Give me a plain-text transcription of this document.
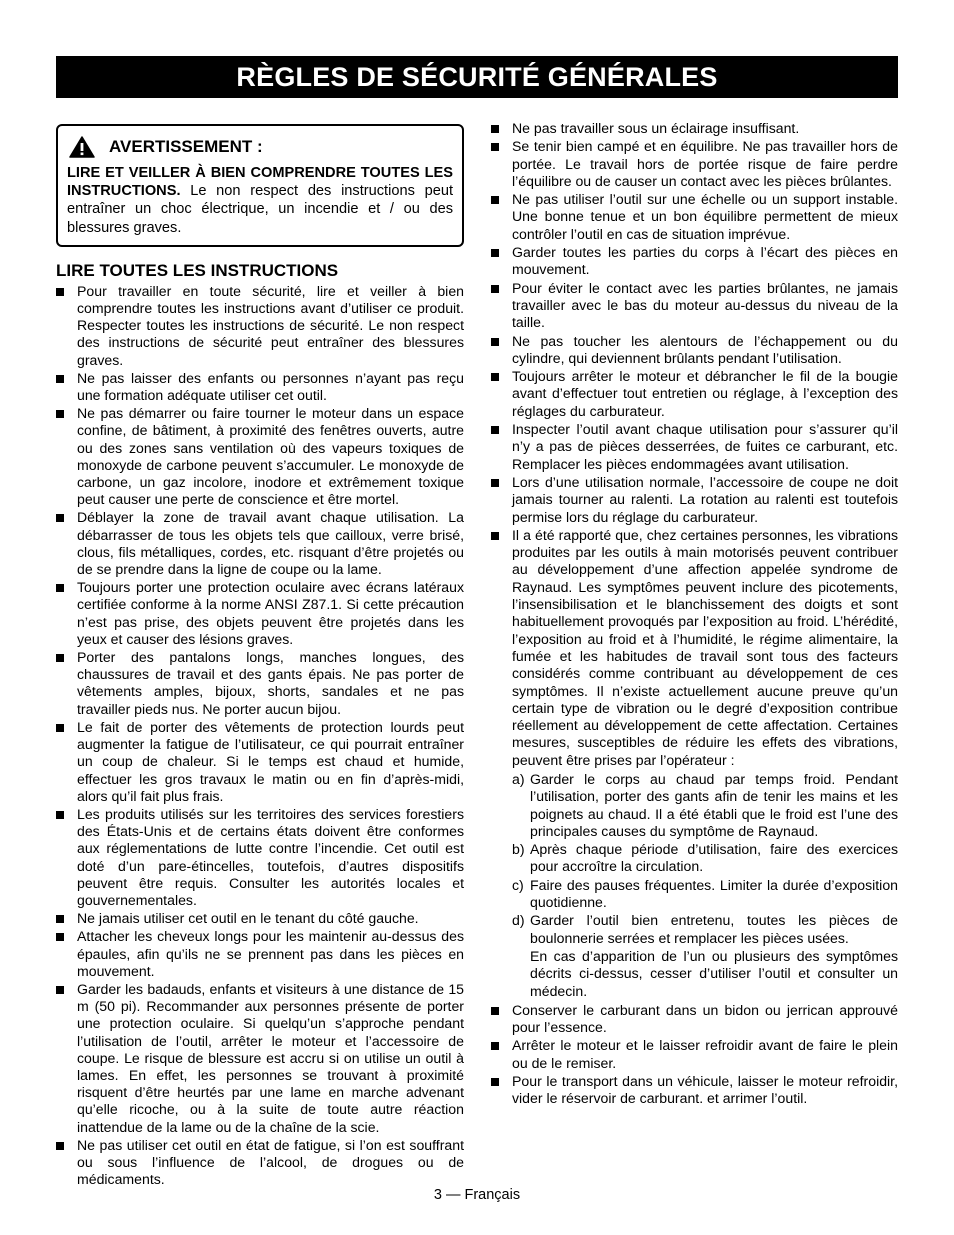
RÈGLES DE SÉCURITÉ GÉNÉRALES
AVERTISSEMENT :
LIRE ET VEILLER À BIEN COMPRENDRE TOUTES LES INSTRUCTIONS. Le non respect des instructions peut entraîner un choc électrique, un incendie et / ou des blessures graves.
LIRE TOUTES LES INSTRUCTIONS
Pour travailler en toute sécurité, lire et veiller à bien comprendre toutes les instructions avant d’utiliser ce produit. Respecter toutes les instructions de sécurité. Le non respect des instructions de sécurité peut entraîner des blessures graves.
Ne pas laisser des enfants ou personnes n’ayant pas reçu une formation adéquate utiliser cet outil.
Ne pas démarrer ou faire tourner le moteur dans un espace confine, de bâtiment, à proximité des fenêtres ouverts, autre ou des zones sans ventilation où des vapeurs toxiques de monoxyde de carbone peuvent s’accumuler. Le monoxyde de carbone, un gaz incolore, inodore et extrêmement toxique peut causer une perte de conscience et être mortel.
Déblayer la zone de travail avant chaque utilisation. La débarrasser de tous les objets tels que cailloux, verre brisé, clous, fils métalliques, cordes, etc. risquant d’être projetés ou de se prendre dans la ligne de coupe ou la lame.
Toujours porter une protection oculaire avec écrans latéraux certifiée conforme à la norme ANSI Z87.1. Si cette précaution n’est pas prise, des objets peuvent être projetés dans les yeux et causer des lésions graves.
Porter des pantalons longs, manches longues, des chaussures de travail et des gants épais. Ne pas porter de vêtements amples, bijoux, shorts, sandales et ne pas travailler pieds nus. Ne porter aucun bijou.
Le fait de porter des vêtements de protection lourds peut augmenter la fatigue de l’utilisateur, ce qui pourrait entraîner un coup de chaleur. Si le temps est chaud et humide, effectuer les gros travaux le matin ou en fin d’après-midi, alors qu’il fait plus frais.
Les produits utilisés sur les territoires des services forestiers des États-Unis et de certains états doivent être conformes aux réglementations de lutte contre l’incendie. Cet outil est doté d’un pare-étincelles, toutefois, d’autres dispositifs peuvent être requis. Consulter les autorités locales et gouvernementales.
Ne jamais utiliser cet outil en le tenant du côté gauche.
Attacher les cheveux longs pour les maintenir au-dessus des épaules, afin qu’ils ne se prennent pas dans les pièces en mouvement.
Garder les badauds, enfants et visiteurs à une distance de 15 m (50 pi). Recommander aux personnes présente de porter une protection oculaire. Si quelqu’un s’approche pendant l’utilisation de l’outil, arrêter le moteur et l’accessoire de coupe. Le risque de blessure est accru si on utilise un outil à lames. En effet, les personnes se trouvant à proximité risquent d’être heurtés par une lame en marche advenant qu’elle ricoche, ou à la suite de toute autre réaction inattendue de la lame ou de la chaîne de la scie.
Ne pas utiliser cet outil en état de fatigue, si l’on est souffrant ou sous l’influence de l’alcool, de drogues ou de médicaments.
Ne pas travailler sous un éclairage insuffisant.
Se tenir bien campé et en équilibre. Ne pas travailler hors de portée. Le travail hors de portée risque de faire perdre l’équilibre ou de causer un contact avec les pièces brûlantes.
Ne pas utiliser l’outil sur une échelle ou un support instable. Une bonne tenue et un bon équilibre permettent de mieux contrôler l’outil en cas de situation imprévue.
Garder toutes les parties du corps à l’écart des pièces en mouvement.
Pour éviter le contact avec les parties brûlantes, ne jamais travailler avec le bas du moteur au-dessus du niveau de la taille.
Ne pas toucher les alentours de l’échappement ou du cylindre, qui deviennent brûlants pendant l’utilisation.
Toujours arrêter le moteur et débrancher le fil de la bougie avant d’effectuer tout entretien ou réglage, à l’exception des réglages du carburateur.
Inspecter l’outil avant chaque utilisation pour s’assurer qu’il n’y a pas de pièces desserrées, de fuites ce carburant, etc. Remplacer les pièces endommagées avant utilisation.
Lors d’une utilisation normale, l’accessoire de coupe ne doit jamais tourner au ralenti. La rotation au ralenti est toutefois permise lors du réglage du carburateur.
Il a été rapporté que, chez certaines personnes, les vibrations produites par les outils à main motorisés peuvent contribuer au développement d’une affection appelée syndrome de Raynaud. Les symptômes peuvent inclure des picotements, l’insensibilisation et le blanchissement des doigts et sont habituellement provoqués par l’exposition au froid. L’hérédité, l’exposition au froid et à l’humidité, le régime alimentaire, la fumée et les habitudes de travail sont tous des facteurs considérés comme contribuant au développement de ces symptômes. Il n’existe actuellement aucune preuve qu’un certain type de vibration ou le degré d’exposition contribue réellement au développement de cette affectation. Certaines mesures, susceptibles de réduire les effets des vibrations, peuvent être prises par l’opérateur :
a) Garder le corps au chaud par temps froid. Pendant l’utilisation, porter des gants afin de tenir les mains et les poignets au chaud. Il a été établi que le froid est l’une des principales causes du symptôme de Raynaud.
b) Après chaque période d’utilisation, faire des exercices pour accroître la circulation.
c) Faire des pauses fréquentes. Limiter la durée d’exposition quotidienne.
d) Garder l’outil bien entretenu, toutes les pièces de boulonnerie serrées et remplacer les pièces usées.
En cas d’apparition de l’un ou plusieurs des symptômes décrits ci-dessus, cesser d’utiliser l’outil et consulter un médecin.
Conserver le carburant dans un bidon ou jerrican approuvé pour l’essence.
Arrêter le moteur et le laisser refroidir avant de faire le plein ou de le remiser.
Pour le transport dans un véhicule, laisser le moteur refroidir, vider le réservoir de carburant. et arrimer l’outil.
3 — Français
